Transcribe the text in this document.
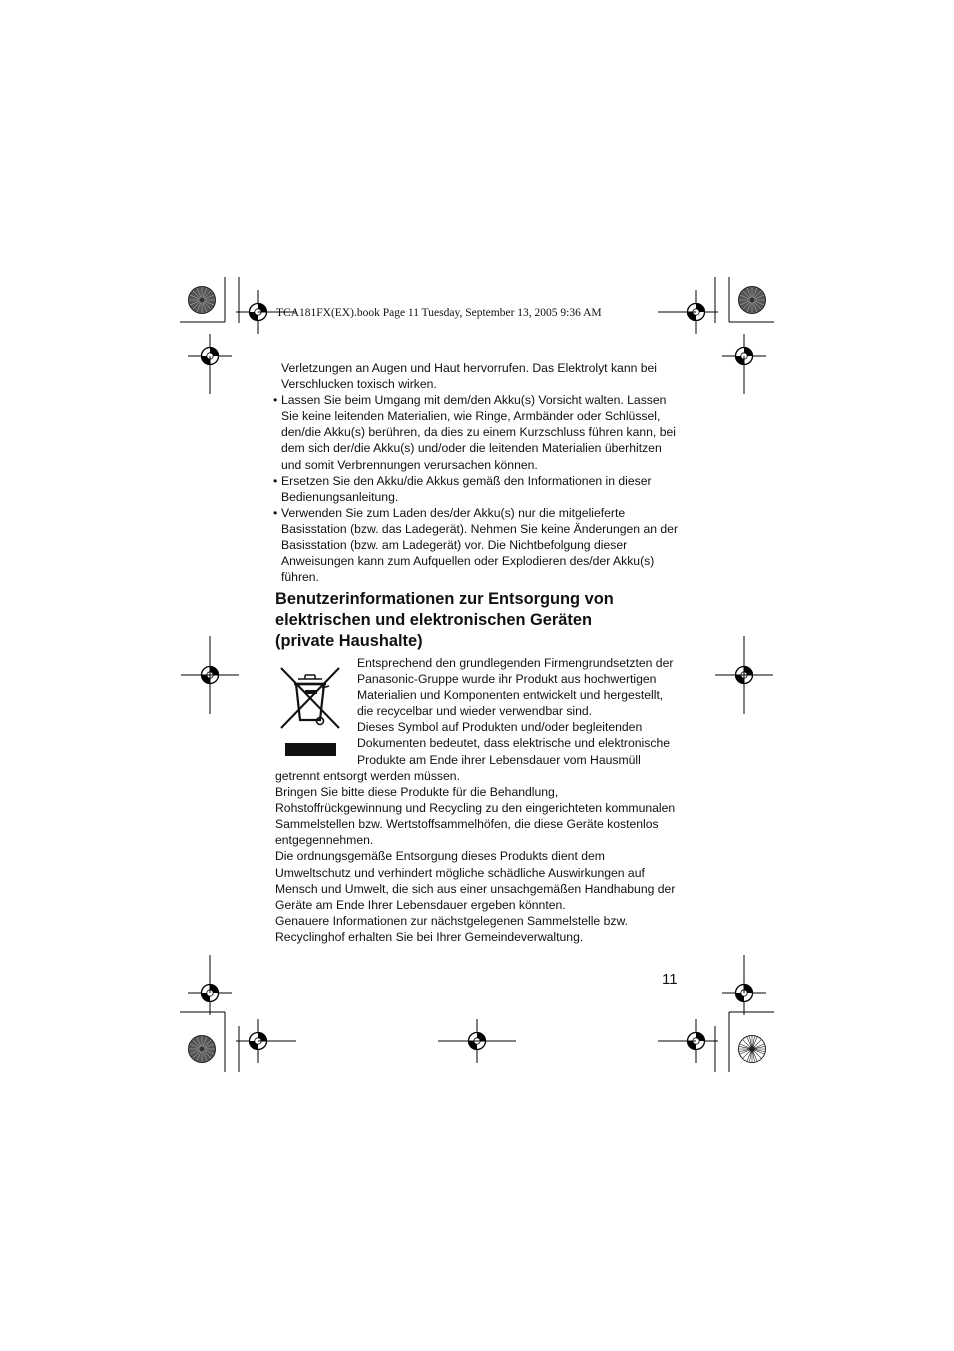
TCA181FX(EX).book Page 11 Tuesday, September 13, 2005 9:36 AM
Verletzungen an Augen und Haut hervorrufen. Das Elektrolyt kann bei
Verschlucken toxisch wirken.
• Lassen Sie beim Umgang mit dem/den Akku(s) Vorsicht walten. Lassen
Sie keine leitenden Materialien, wie Ringe, Armbänder oder Schlüssel,
den/die Akku(s) berühren, da dies zu einem Kurzschluss führen kann, bei
dem sich der/die Akku(s) und/oder die leitenden Materialien überhitzen
und somit Verbrennungen verursachen können.
• Ersetzen Sie den Akku/die Akkus gemäß den Informationen in dieser
Bedienungsanleitung.
• Verwenden Sie zum Laden des/der Akku(s) nur die mitgelieferte
Basisstation (bzw. das Ladegerät). Nehmen Sie keine Änderungen an der
Basisstation (bzw. am Ladegerät) vor. Die Nichtbefolgung dieser
Anweisungen kann zum Aufquellen oder Explodieren des/der Akku(s)
führen.
Benutzerinformationen zur Entsorgung von
elektrischen und elektronischen Geräten
(private Haushalte)
Entsprechend den grundlegenden Firmengrundsetzten der
Panasonic-Gruppe wurde ihr Produkt aus hochwertigen
Materialien und Komponenten entwickelt und hergestellt,
die recycelbar und wieder verwendbar sind.
Dieses Symbol auf Produkten und/oder begleitenden
Dokumenten bedeutet, dass elektrische und elektronische
Produkte am Ende ihrer Lebensdauer vom Hausmüll
getrennt entsorgt werden müssen.
Bringen Sie bitte diese Produkte für die Behandlung,
Rohstoffrückgewinnung und Recycling zu den eingerichteten kommunalen
Sammelstellen bzw. Wertstoffsammelhöfen, die diese Geräte kostenlos
entgegennehmen.
Die ordnungsgemäße Entsorgung dieses Produkts dient dem
Umweltschutz und verhindert mögliche schädliche Auswirkungen auf
Mensch und Umwelt, die sich aus einer unsachgemäßen Handhabung der
Geräte am Ende Ihrer Lebensdauer ergeben könnten.
Genauere Informationen zur nächstgelegenen Sammelstelle bzw.
Recyclinghof erhalten Sie bei Ihrer Gemeindeverwaltung.
11
